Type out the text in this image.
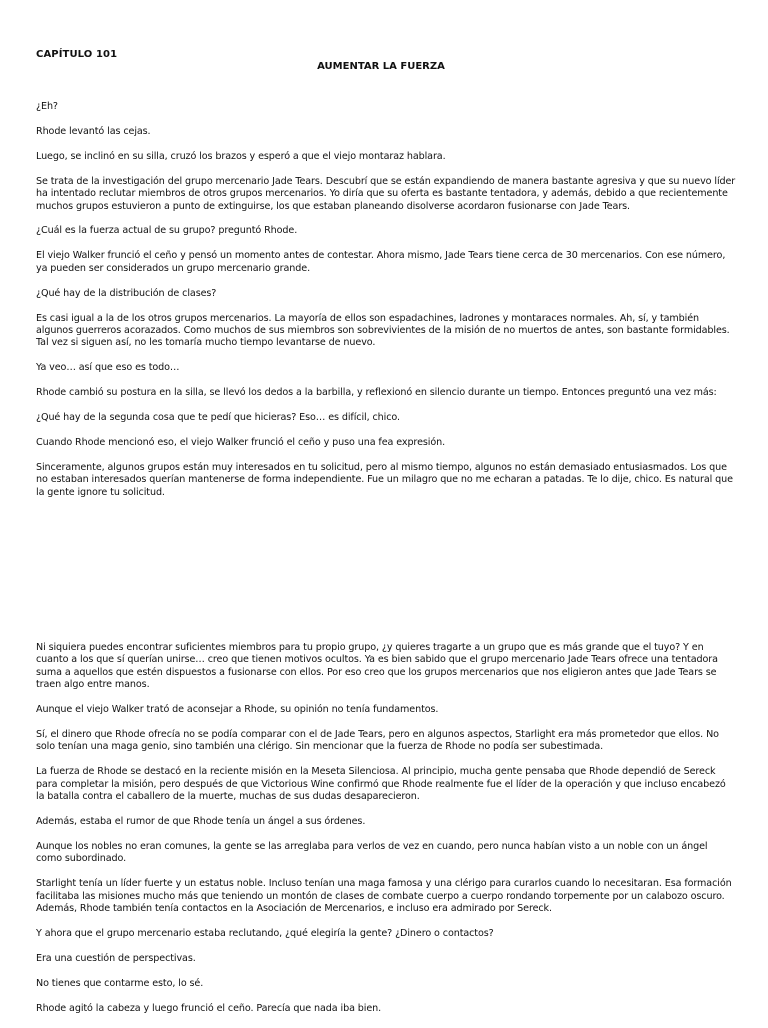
CAPÍTULO 101
AUMENTAR LA FUERZA

¿Eh?

Rhode levantó las cejas.

Luego, se inclinó en su silla, cruzó los brazos y esperó a que el viejo montaraz hablara.

Se trata de la investigación del grupo mercenario Jade Tears. Descubrí que se están expandiendo de manera bastante agresiva y que su nuevo líder ha intentado reclutar miembros de otros grupos mercenarios. Yo diría que su oferta es bastante tentadora, y además, debido a que recientemente muchos grupos estuvieron a punto de extinguirse, los que estaban planeando disolverse acordaron fusionarse con Jade Tears.

¿Cuál es la fuerza actual de su grupo? preguntó Rhode.

El viejo Walker frunció el ceño y pensó un momento antes de contestar. Ahora mismo, Jade Tears tiene cerca de 30 mercenarios. Con ese número, ya pueden ser considerados un grupo mercenario grande.

¿Qué hay de la distribución de clases?

Es casi igual a la de los otros grupos mercenarios. La mayoría de ellos son espadachines, ladrones y montaraces normales. Ah, sí, y también algunos guerreros acorazados. Como muchos de sus miembros son sobrevivientes de la misión de no muertos de antes, son bastante formidables. Tal vez si siguen así, no les tomaría mucho tiempo levantarse de nuevo.

Ya veo… así que eso es todo…

Rhode cambió su postura en la silla, se llevó los dedos a la barbilla, y reflexionó en silencio durante un tiempo. Entonces preguntó una vez más:

¿Qué hay de la segunda cosa que te pedí que hicieras? Eso… es difícil, chico.

Cuando Rhode mencionó eso, el viejo Walker frunció el ceño y puso una fea expresión.

Sinceramente, algunos grupos están muy interesados en tu solicitud, pero al mismo tiempo, algunos no están demasiado entusiasmados. Los que no estaban interesados querían mantenerse de forma independiente. Fue un milagro que no me echaran a patadas. Te lo dije, chico. Es natural que la gente ignore tu solicitud.

Ni siquiera puedes encontrar suficientes miembros para tu propio grupo, ¿y quieres tragarte a un grupo que es más grande que el tuyo? Y en cuanto a los que sí querían unirse… creo que tienen motivos ocultos. Ya es bien sabido que el grupo mercenario Jade Tears ofrece una tentadora suma a aquellos que estén dispuestos a fusionarse con ellos. Por eso creo que los grupos mercenarios que nos eligieron antes que Jade Tears se traen algo entre manos.

Aunque el viejo Walker trató de aconsejar a Rhode, su opinión no tenía fundamentos.

Sí, el dinero que Rhode ofrecía no se podía comparar con el de Jade Tears, pero en algunos aspectos, Starlight era más prometedor que ellos. No solo tenían una maga genio, sino también una clérigo. Sin mencionar que la fuerza de Rhode no podía ser subestimada.

La fuerza de Rhode se destacó en la reciente misión en la Meseta Silenciosa. Al principio, mucha gente pensaba que Rhode dependió de Sereck para completar la misión, pero después de que Victorious Wine confirmó que Rhode realmente fue el líder de la operación y que incluso encabezó la batalla contra el caballero de la muerte, muchas de sus dudas desaparecieron.

Además, estaba el rumor de que Rhode tenía un ángel a sus órdenes.

Aunque los nobles no eran comunes, la gente se las arreglaba para verlos de vez en cuando, pero nunca habían visto a un noble con un ángel como subordinado.

Starlight tenía un líder fuerte y un estatus noble. Incluso tenían una maga famosa y una clérigo para curarlos cuando lo necesitaran. Esa formación facilitaba las misiones mucho más que teniendo un montón de clases de combate cuerpo a cuerpo rondando torpemente por un calabozo oscuro. Además, Rhode también tenía contactos en la Asociación de Mercenarios, e incluso era admirado por Sereck.

Y ahora que el grupo mercenario estaba reclutando, ¿qué elegiría la gente? ¿Dinero o contactos?

Era una cuestión de perspectivas.

No tienes que contarme esto, lo sé.

Rhode agitó la cabeza y luego frunció el ceño. Parecía que nada iba bien.
